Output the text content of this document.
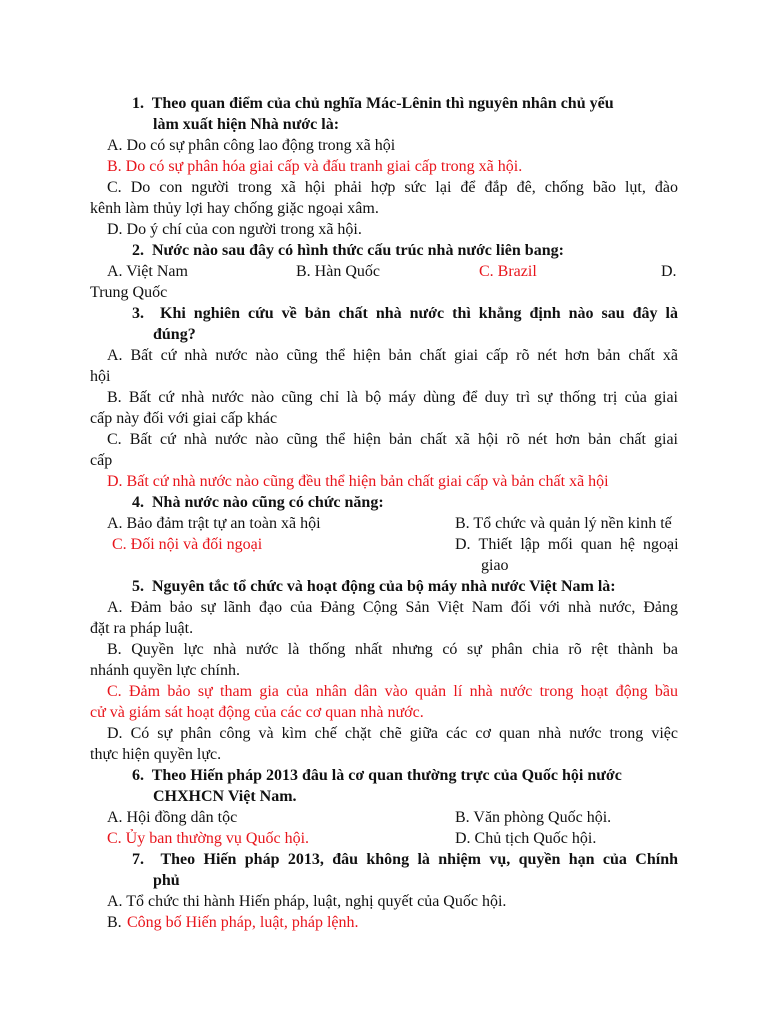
1.  Theo quan điểm của chủ nghĩa Mác-Lênin thì nguyên nhân chủ yếu
làm xuất hiện Nhà nước là:
A. Do có sự phân công lao động trong xã hội
B. Do có sự phân hóa giai cấp và đấu tranh giai cấp trong xã hội.
C. Do con người trong xã hội phải hợp sức lại để đắp đê, chống bão lụt, đào
kênh làm thủy lợi hay chống giặc ngoại xâm.
D. Do ý chí của con người trong xã hội.
2.  Nước nào sau đây có hình thức cấu trúc nhà nước liên bang:
A. Việt Nam	B. Hàn Quốc	C. Brazil	D.
Trung Quốc
3.  Khi nghiên cứu về bản chất nhà nước thì khẳng định nào sau đây là
đúng?
A. Bất cứ nhà nước nào cũng thể hiện bản chất giai cấp rõ nét hơn bản chất xã
hội
B. Bất cứ nhà nước nào cũng chỉ là bộ máy dùng để duy trì sự thống trị của giai
cấp này đối với giai cấp khác
C. Bất cứ nhà nước nào cũng thể hiện bản chất xã hội rõ nét hơn bản chất giai
cấp
D. Bất cứ nhà nước nào cũng đều thể hiện bản chất giai cấp và bản chất xã hội
4.  Nhà nước nào cũng có chức năng:
A. Bảo đảm trật tự an toàn xã hội	B. Tổ chức và quản lý nền kinh tế
C. Đối nội và đối ngoại	D.  Thiết  lập  mối  quan  hệ  ngoại
giao
5.  Nguyên tắc tổ chức và hoạt động của bộ máy nhà nước Việt Nam là:
A. Đảm bảo sự lãnh đạo của Đảng Cộng Sản Việt Nam đối với nhà nước, Đảng
đặt ra pháp luật.
B. Quyền lực nhà nước là thống nhất nhưng có sự phân chia rõ rệt thành ba
nhánh quyền lực chính.
C. Đảm bảo sự tham gia của nhân dân vào quản lí nhà nước trong hoạt động bầu
cử và giám sát hoạt động của các cơ quan nhà nước.
D. Có sự phân công và kìm chế chặt chẽ giữa các cơ quan nhà nước trong việc
thực hiện quyền lực.
6.  Theo Hiến pháp 2013 đâu là cơ quan thường trực của Quốc hội nước
CHXHCN Việt Nam.
A. Hội đồng dân tộc	B. Văn phòng Quốc hội.
C. Ủy ban thường vụ Quốc hội.	D. Chủ tịch Quốc hội.
7.  Theo Hiến pháp 2013, đâu không là nhiệm vụ, quyền hạn của Chính
phủ
A. Tổ chức thi hành Hiến pháp, luật, nghị quyết của Quốc hội.
B. Công bố Hiến pháp, luật, pháp lệnh.
